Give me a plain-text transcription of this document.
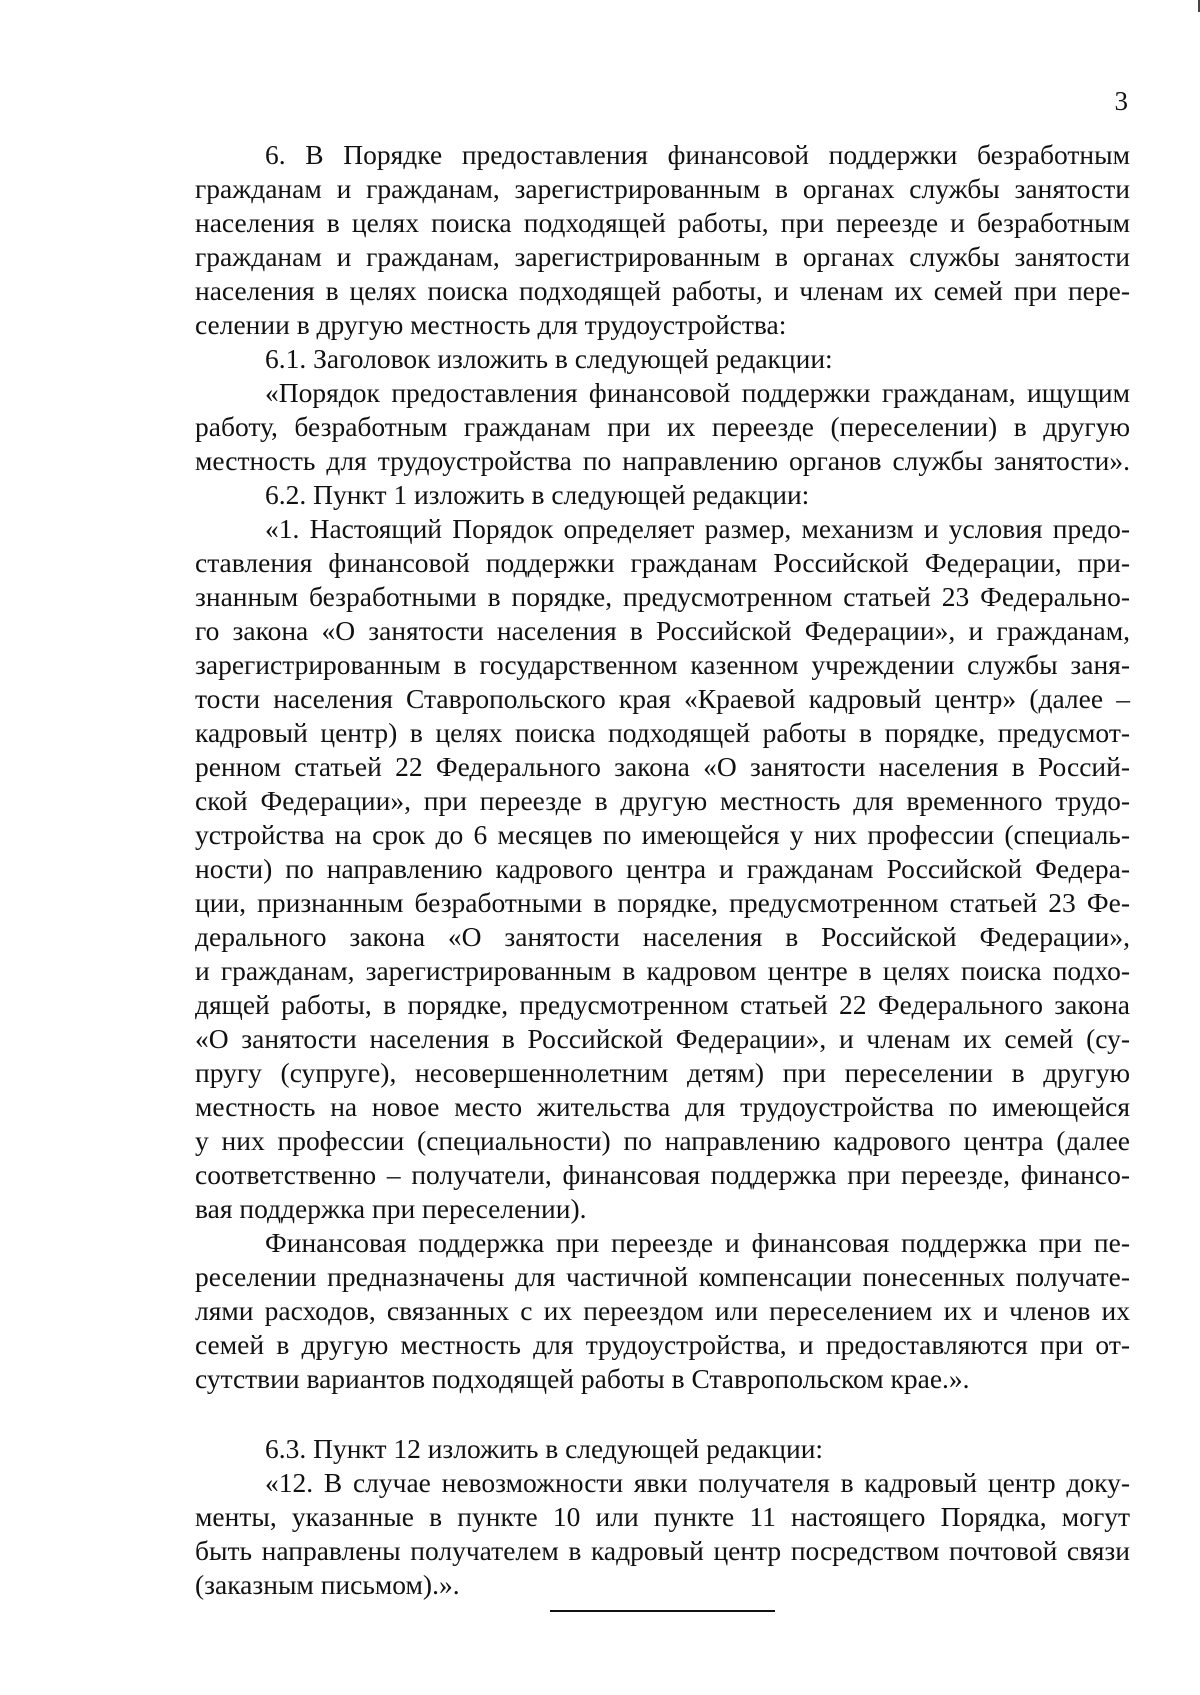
3
6. В Порядке предоставления финансовой поддержки безработным
гражданам и гражданам, зарегистрированным в органах службы занятости
населения в целях поиска подходящей работы, при переезде и безработным
гражданам и гражданам, зарегистрированным в органах службы занятости
населения в целях поиска подходящей работы, и членам их семей при пере-
селении в другую местность для трудоустройства:
6.1. Заголовок изложить в следующей редакции:
«Порядок предоставления финансовой поддержки гражданам, ищущим
работу, безработным гражданам при их переезде (переселении) в другую
местность для трудоустройства по направлению органов службы занятости».
6.2. Пункт 1 изложить в следующей редакции:
«1. Настоящий Порядок определяет размер, механизм и условия предо-
ставления финансовой поддержки гражданам Российской Федерации, при-
знанным безработными в порядке, предусмотренном статьей 23 Федерально-
го закона «О занятости населения в Российской Федерации», и гражданам,
зарегистрированным в государственном казенном учреждении службы заня-
тости населения Ставропольского края «Краевой кадровый центр» (далее –
кадровый центр) в целях поиска подходящей работы в порядке, предусмот-
ренном статьей 22 Федерального закона «О занятости населения в Россий-
ской Федерации», при переезде в другую местность для временного трудо-
устройства на срок до 6 месяцев по имеющейся у них профессии (специаль-
ности) по направлению кадрового центра и гражданам Российской Федера-
ции, признанным безработными в порядке, предусмотренном статьей 23 Фе-
дерального закона «О занятости населения в Российской Федерации»,
и гражданам, зарегистрированным в кадровом центре в целях поиска подхо-
дящей работы, в порядке, предусмотренном статьей 22 Федерального закона
«О занятости населения в Российской Федерации», и членам их семей (су-
пругу (супруге), несовершеннолетним детям) при переселении в другую
местность на новое место жительства для трудоустройства по имеющейся
у них профессии (специальности) по направлению кадрового центра (далее
соответственно – получатели, финансовая поддержка при переезде, финансо-
вая поддержка при переселении).
Финансовая поддержка при переезде и финансовая поддержка при пе-
реселении предназначены для частичной компенсации понесенных получате-
лями расходов, связанных с их переездом или переселением их и членов их
семей в другую местность для трудоустройства, и предоставляются при от-
сутствии вариантов подходящей работы в Ставропольском крае.».
6.3. Пункт 12 изложить в следующей редакции:
«12. В случае невозможности явки получателя в кадровый центр доку-
менты, указанные в пункте 10 или пункте 11 настоящего Порядка, могут
быть направлены получателем в кадровый центр посредством почтовой связи
(заказным письмом).».
